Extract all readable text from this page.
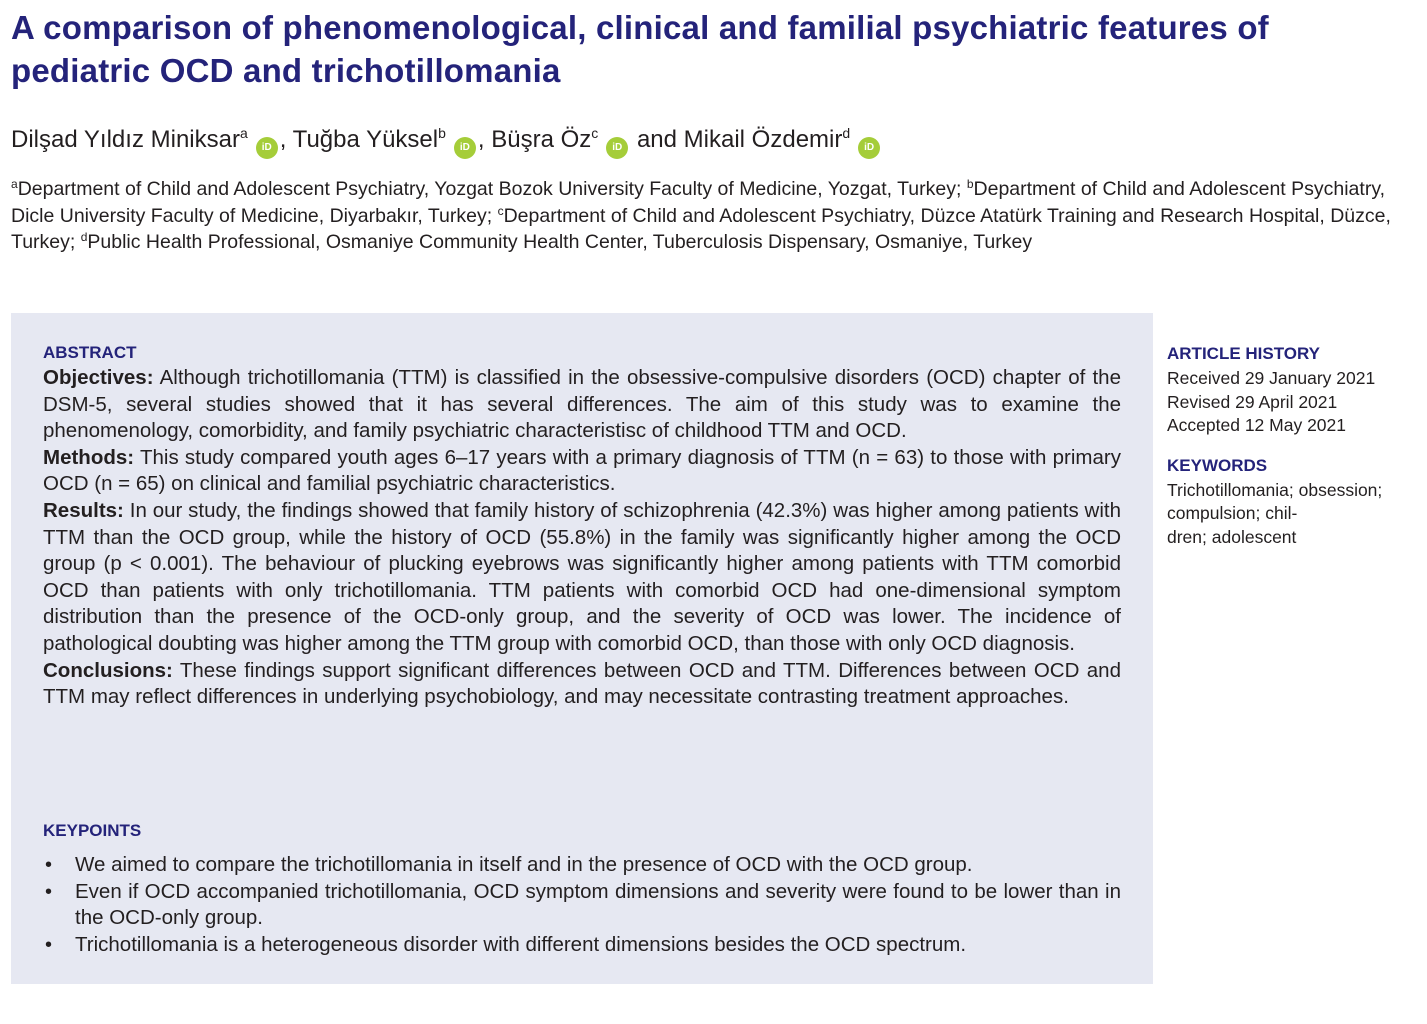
A comparison of phenomenological, clinical and familial psychiatric features of pediatric OCD and trichotillomania
Dilşad Yıldız Miniksar$^a$iD , Tuğba Yüksel$^b$iD , Büşra $Öz^ciD$ and Mikail Özdemir$^d$iD
$^a$Department of Child and Adolescent Psychiatry, Yozgat Bozok University Faculty of Medicine, Yozgat, Turkey; $^b$Department of Child and Adolescent Psychiatry, Dicle University Faculty of Medicine, Diyarbakır, Turkey; $^c$Department of Child and Adolescent Psychiatry, Düzce Atatürk Training and Research Hospital, Düzce, Turkey; $^d$Public Health Professional, Osmaniye Community Health Center, Tuberculosis Dispensary, Osmaniye, Turkey
ABSTRACT

Objectives: Although trichotillomania (TTM) is classified in the obsessive-compulsive disorders (OCD) chapter of the DSM-5, several studies showed that it has several differences. The aim of this study was to examine the phenomenology, comorbidity, and family psychiatric characteristisc of childhood TTM and OCD.

Methods: This study compared youth ages 6–17 years with a primary diagnosis of TTM (n = 63) to those with primary OCD (n = 65) on clinical and familial psychiatric characteristics.

Results: In our study, the findings showed that family history of schizophrenia (42.3%) was higher among patients with TTM than the OCD group, while the history of OCD (55.8%) in the family was significantly higher among the OCD group (p < 0.001). The behaviour of plucking eyebrows was significantly higher among patients with TTM comorbid OCD than patients with only trichotillomania. TTM patients with comorbid OCD had one-dimensional symptom distribution than the presence of the OCD-only group, and the severity of OCD was lower. The incidence of pathological doubting was higher among the TTM group with comorbid OCD, than those with only OCD diagnosis.

Conclusions: These findings support significant differences between OCD and TTM. Differences between OCD and TTM may reflect differences in underlying psychobiology, and may necessitate contrasting treatment approaches.

KEYPOINTS
• We aimed to compare the trichotillomania in itself and in the presence of OCD with the OCD group.
• Even if OCD accompanied trichotillomania, OCD symptom dimensions and severity were found to be lower than in the OCD-only group.
• Trichotillomania is a heterogeneous disorder with different dimensions besides the OCD spectrum.
ARTICLE HISTORY
Received 29 January 2021
Revised 29 April 2021
Accepted 12 May 2021
KEYWORDS
Trichotillomania; obsession;
compulsion; chil-
dren; adolescent
